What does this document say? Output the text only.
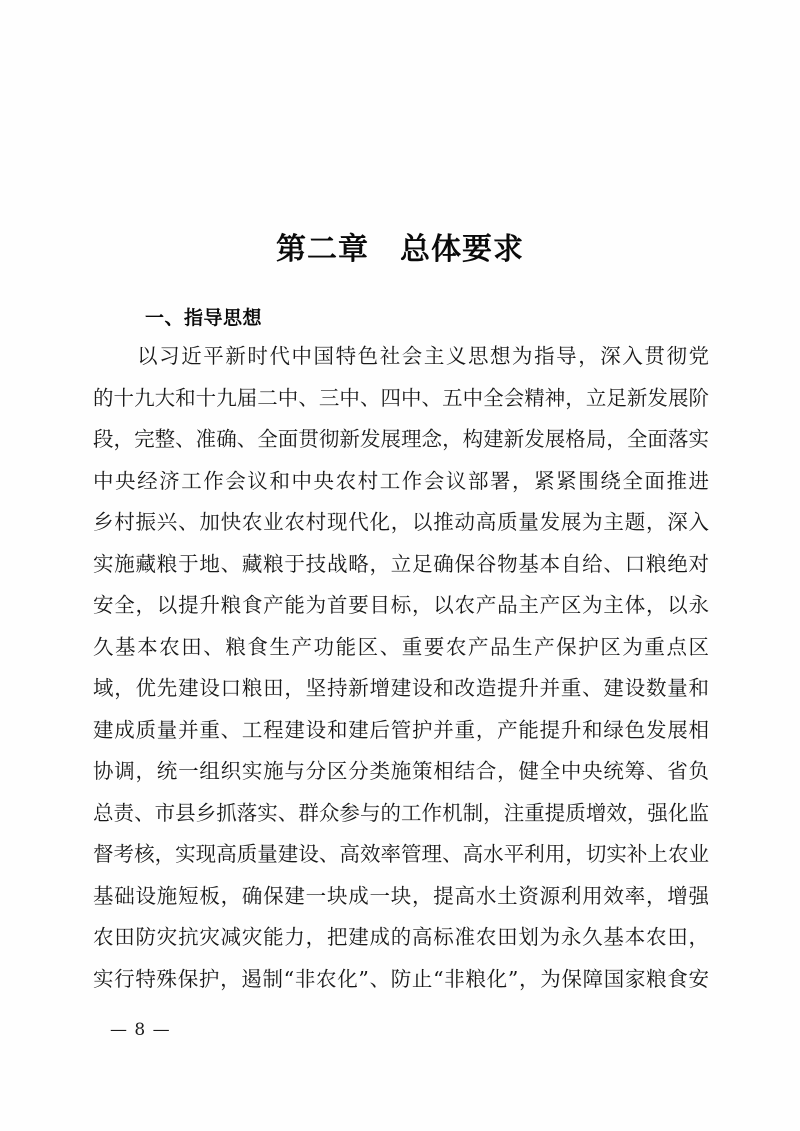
第二章　总体要求
一、指导思想
　　以习近平新时代中国特色社会主义思想为指导，深入贯彻党
的十九大和十九届二中、三中、四中、五中全会精神，立足新发展阶
段，完整、准确、全面贯彻新发展理念，构建新发展格局，全面落实
中央经济工作会议和中央农村工作会议部署，紧紧围绕全面推进
乡村振兴、加快农业农村现代化，以推动高质量发展为主题，深入
实施藏粮于地、藏粮于技战略，立足确保谷物基本自给、口粮绝对
安全，以提升粮食产能为首要目标，以农产品主产区为主体，以永
久基本农田、粮食生产功能区、重要农产品生产保护区为重点区
域，优先建设口粮田，坚持新增建设和改造提升并重、建设数量和
建成质量并重、工程建设和建后管护并重，产能提升和绿色发展相
协调，统一组织实施与分区分类施策相结合，健全中央统筹、省负
总责、市县乡抓落实、群众参与的工作机制，注重提质增效，强化监
督考核，实现高质量建设、高效率管理、高水平利用，切实补上农业
基础设施短板，确保建一块成一块，提高水土资源利用效率，增强
农田防灾抗灾减灾能力，把建成的高标准农田划为永久基本农田，
实行特殊保护，遏制“非农化”、防止“非粮化”，为保障国家粮食安
— 8 —
